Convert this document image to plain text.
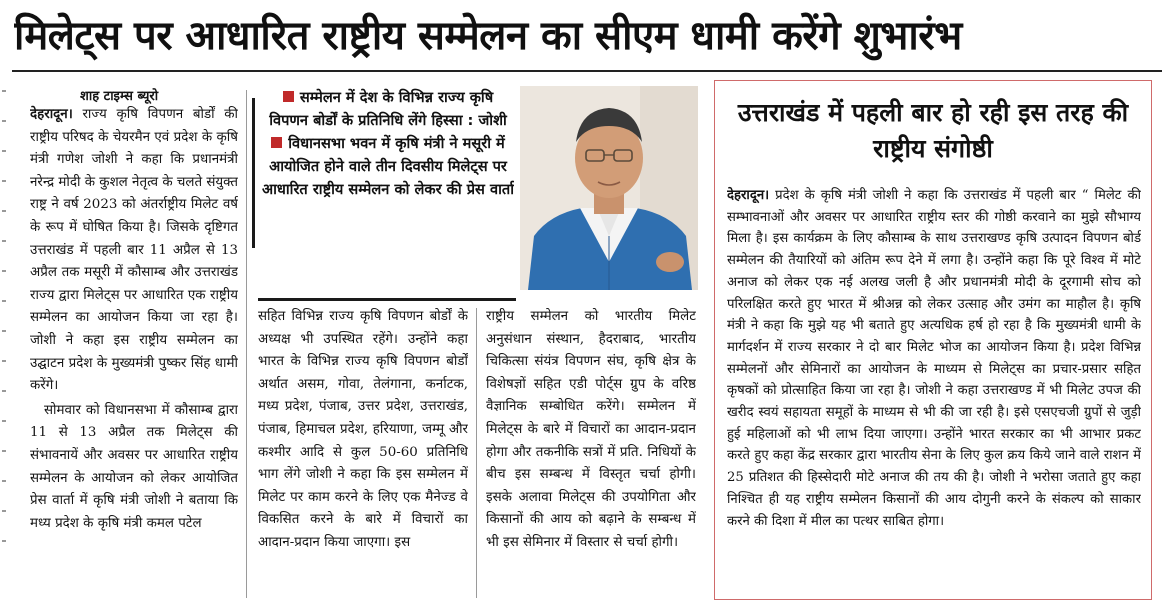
मिलेट्स पर आधारित राष्ट्रीय सम्मेलन का सीएम धामी करेंगे शुभारंभ
शाह टाइम्स ब्यूरो

देहरादून। राज्य कृषि विपणन बोर्डों की राष्ट्रीय परिषद के चेयरमैन एवं प्रदेश के कृषि मंत्री गणेश जोशी ने कहा कि प्रधानमंत्री नरेन्द्र मोदी के कुशल नेतृत्व के चलते संयुक्त राष्ट्र ने वर्ष 2023 को अंतर्राष्ट्रीय मिलेट वर्ष के रूप में घोषित किया है। जिसके दृष्टिगत उत्तराखंड में पहली बार 11 अप्रैल से 13 अप्रैल तक मसूरी में कौसाम्ब और उत्तराखंड राज्य द्वारा मिलेट्स पर आधारित एक राष्ट्रीय सम्मेलन का आयोजन किया जा रहा है। जोशी ने कहा इस राष्ट्रीय सम्मेलन का उद्घाटन प्रदेश के मुख्यमंत्री पुष्कर सिंह धामी करेंगे।

सोमवार को विधानसभा में कौसाम्ब द्वारा 11 से 13 अप्रैल तक मिलेट्स की संभावनायें और अवसर पर आधारित राष्ट्रीय सम्मेलन के आयोजन को लेकर आयोजित प्रेस वार्ता में कृषि मंत्री जोशी ने बताया कि मध्य प्रदेश के कृषि मंत्री कमल पटेल

सम्मेलन में देश के विभिन्न राज्य कृषि विपणन बोर्डों के प्रतिनिधि लेंगे हिस्सा : जोशी
विधानसभा भवन में कृषि मंत्री ने मसूरी में आयोजित होने वाले तीन दिवसीय मिलेट्स पर आधारित राष्ट्रीय सम्मेलन को लेकर की प्रेस वार्ता

सहित विभिन्न राज्य कृषि विपणन बोर्डों के अध्यक्ष भी उपस्थित रहेंगे। उन्होंने कहा भारत के विभिन्न राज्य कृषि विपणन बोर्डों अर्थात असम, गोवा, तेलंगाना, कर्नाटक, मध्य प्रदेश, पंजाब, उत्तर प्रदेश, उत्तराखंड, पंजाब, हिमाचल प्रदेश, हरियाणा, जम्मू और कश्मीर आदि से कुल 50-60 प्रतिनिधि भाग लेंगे जोशी ने कहा कि इस सम्मेलन में मिलेट पर काम करने के लिए एक मैनेज्ड वे विकसित करने के बारे में विचारों का आदान-प्रदान किया जाएगा। इस

राष्ट्रीय सम्मेलन को भारतीय मिलेट अनुसंधान संस्थान, हैदराबाद, भारतीय चिकित्सा संयंत्र विपणन संघ, कृषि क्षेत्र के विशेषज्ञों सहित एडी पोर्ट्स ग्रुप के वरिष्ठ वैज्ञानिक सम्बोधित करेंगे। सम्मेलन में मिलेट्स के बारे में विचारों का आदान-प्रदान होगा और तकनीकि सत्रों में प्रति. निधियों के बीच इस सम्बन्ध में विस्तृत चर्चा होगी। इसके अलावा मिलेट्स की उपयोगिता और किसानों की आय को बढ़ाने के सम्बन्ध में भी इस सेमिनार में विस्तार से चर्चा होगी।

उत्तराखंड में पहली बार हो रही इस तरह की राष्ट्रीय संगोष्ठी
देहरादून। प्रदेश के कृषि मंत्री जोशी ने कहा कि उत्तराखंड में पहली बार “ मिलेट की सम्भावनाओं और अवसर पर आधारित राष्ट्रीय स्तर की गोष्ठी करवाने का मुझे सौभाग्य मिला है। इस कार्यक्रम के लिए कौसाम्ब के साथ उत्तराखण्ड कृषि उत्पादन विपणन बोर्ड सम्मेलन की तैयारियों को अंतिम रूप देने में लगा है। उन्होंने कहा कि पूरे विश्व में मोटे अनाज को लेकर एक नई अलख जली है और प्रधानमंत्री मोदी के दूरगामी सोच को परिलक्षित करते हुए भारत में श्रीअन्न को लेकर उत्साह और उमंग का माहौल है। कृषि मंत्री ने कहा कि मुझे यह भी बताते हुए अत्यधिक हर्ष हो रहा है कि मुख्यमंत्री धामी के मार्गदर्शन में राज्य सरकार ने दो बार मिलेट भोज का आयोजन किया है। प्रदेश विभिन्न सम्मेलनों और सेमिनारों का आयोजन के माध्यम से मिलेट्स का प्रचार-प्रसार सहित कृषकों को प्रोत्साहित किया जा रहा है। जोशी ने कहा उत्तराखण्ड में भी मिलेट उपज की खरीद स्वयं सहायता समूहों के माध्यम से भी की जा रही है। इसे एसएचजी ग्रुपों से जुड़ी हुई महिलाओं को भी लाभ दिया जाएगा। उन्होंने भारत सरकार का भी आभार प्रकट करते हुए कहा केंद्र सरकार द्वारा भारतीय सेना के लिए कुल क्रय किये जाने वाले राशन में 25 प्रतिशत की हिस्सेदारी मोटे अनाज की तय की है। जोशी ने भरोसा जताते हुए कहा निश्चित ही यह राष्ट्रीय सम्मेलन किसानों की आय दोगुनी करने के संकल्प को साकार करने की दिशा में मील का पत्थर साबित होगा।
